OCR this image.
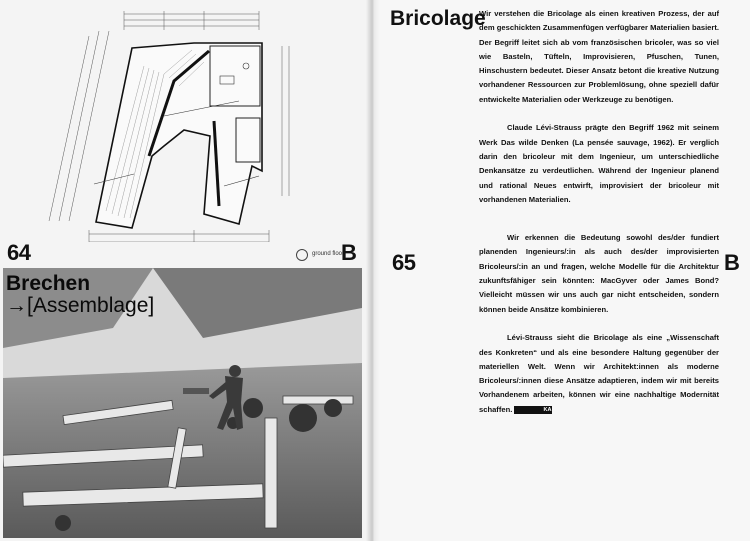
64	ground floor
B
Brechen
→[Assemblage]
Bricolage

Wir verstehen die Bricolage als einen kreativen Prozess, der auf dem geschickten Zusammenfügen verfügbarer Materialien basiert. Der Begriff leitet sich ab vom französischen bricoler, was so viel wie Basteln, Tüfteln, Improvisieren, Pfuschen, Tunen, Hinschustern bedeutet. Dieser Ansatz betont die kreative Nutzung vorhandener Ressourcen zur Problemlösung, ohne speziell dafür entwickelte Materialien oder Werkzeuge zu benötigen.

Claude Lévi-Strauss prägte den Begriff 1962 mit seinem Werk Das wilde Denken (La pensée sauvage, 1962). Er verglich darin den bricoleur mit dem Ingenieur, um unterschiedliche Denkansätze zu verdeutlichen. Während der Ingenieur planend und rational Neues entwirft, improvisiert der bricoleur mit vorhandenen Materialien.

Wir erkennen die Bedeutung sowohl des/der fundiert planenden Ingenieurs/:in als auch des/der improvisierten Bricoleurs/:in an und fragen, welche Modelle für die Architektur zukunftsfähiger sein könnten: MacGyver oder James Bond? Vielleicht müssen wir uns auch gar nicht entscheiden, sondern können beide Ansätze kombinieren.

Lévi-Strauss sieht die Bricolage als eine „Wissenschaft des Konkreten“ und als eine besondere Haltung gegenüber der materiellen Welt. Wenn wir Architekt:innen als moderne Bricoleurs/:innen diese Ansätze adaptieren, indem wir mit bereits Vorhandenem arbeiten, können wir eine nachhaltige Modernität schaffen.	KA

65	B
